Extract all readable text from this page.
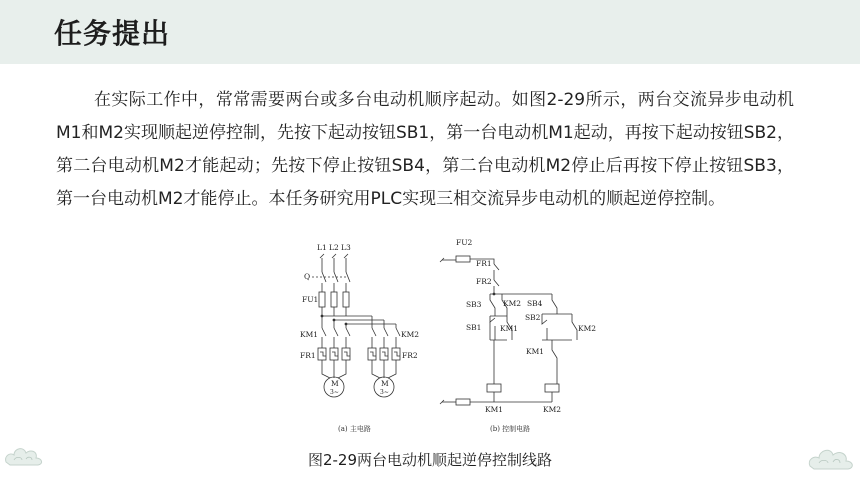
任务提出
在实际工作中，常常需要两台或多台电动机顺序起动。如图2-29所示，两台交流异步电动机M1和M2实现顺起逆停控制，先按下起动按钮SB1，第一台电动机M1起动，再按下起动按钮SB2，第二台电动机M2才能起动；先按下停止按钮SB4，第二台电动机M2停止后再按下停止按钮SB3，第一台电动机M2才能停止。本任务研究用PLC实现三相交流异步电动机的顺起逆停控制。
L1 L2 L3
Q
FU1
KM1	KM2
FR1	FR2
M
3~
M
3~
(a) 主电路
FU2
FR1
FR2
SB3	KM2
SB1 KM1
SB4
SB2
KM2
KM1
KM1	KM2
(b) 控制电路
图2-29两台电动机顺起逆停控制线路
